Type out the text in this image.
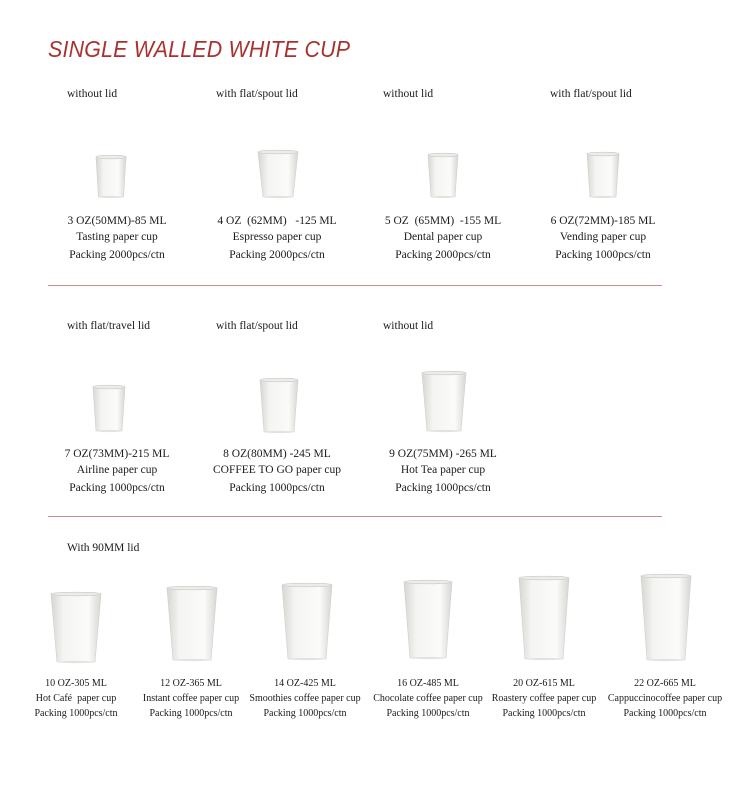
SINGLE WALLED WHITE CUP
without lid	with flat/spout lid	without lid	with flat/spout lid
3 OZ(50MM)-85 ML
Tasting paper cup
Packing 2000pcs/ctn
4 OZ  (62MM)   -125 ML
Espresso paper cup
Packing 2000pcs/ctn
5 OZ  (65MM)  -155 ML
Dental paper cup
Packing 2000pcs/ctn
6 OZ(72MM)-185 ML
Vending paper cup
Packing 1000pcs/ctn
with flat/travel lid	with flat/spout lid	without lid
7 OZ(73MM)-215 ML
Airline paper cup
Packing 1000pcs/ctn
8 OZ(80MM) -245 ML
COFFEE TO GO paper cup
Packing 1000pcs/ctn
9 OZ(75MM) -265 ML
Hot Tea paper cup
Packing 1000pcs/ctn
With 90MM lid
10 OZ-305 ML
Hot Café  paper cup
Packing 1000pcs/ctn
12 OZ-365 ML
Instant coffee paper cup
Packing 1000pcs/ctn
14 OZ-425 ML
Smoothies coffee paper cup
Packing 1000pcs/ctn
16 OZ-485 ML
Chocolate coffee paper cup
Packing 1000pcs/ctn
20 OZ-615 ML
Roastery coffee paper cup
Packing 1000pcs/ctn
22 OZ-665 ML
Cappuccinocoffee paper cup
Packing 1000pcs/ctn
